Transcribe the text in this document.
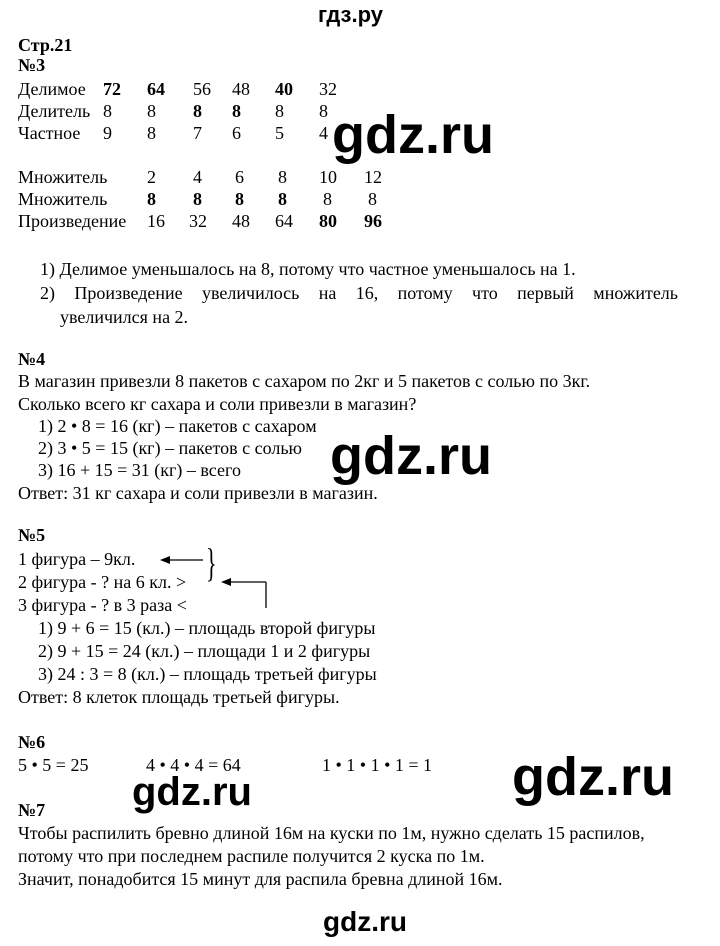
гдз.ру
Стр.21
№3
Делимое 72 64 56 48 40 32
Делитель 8 8 8 8 8 8
Частное 9 8 7 6 5 4
Множитель 2 4 6 8 10 12
Множитель 8 8 8 8 8 8
Произведение 16 32 48 64 80 96
1) Делимое уменьшалось на 8, потому что частное уменьшалось на 1.
2) Произведение увеличилось на 16, потому что первый множитель
увеличился на 2.
№4
В магазин привезли 8 пакетов с сахаром по 2кг и 5 пакетов с солью по 3кг.
Сколько всего кг сахара и соли привезли в магазин?
1) 2 • 8 = 16 (кг) – пакетов с сахаром
2) 3 • 5 = 15 (кг) – пакетов с солью
3) 16 + 15 = 31 (кг) – всего
Ответ: 31 кг сахара и соли привезли в магазин.
№5
1 фигура – 9кл.
2 фигура - ? на 6 кл. >
3 фигура - ? в 3 раза <
}
1) 9 + 6 = 15 (кл.) – площадь второй фигуры
2) 9 + 15 = 24 (кл.) – площади 1 и 2 фигуры
3) 24 : 3 = 8 (кл.) – площадь третьей фигуры
Ответ: 8 клеток площадь третьей фигуры.
№6
5 • 5 = 25	4 • 4 • 4 = 64	1 • 1 • 1 • 1 = 1
№7
Чтобы распилить бревно длиной 16м на куски по 1м, нужно сделать 15 распилов,
потому что при последнем распиле получится 2 куска по 1м.
Значит, понадобится 15 минут для распила бревна длиной 16м.
gdz.ru
gdz.ru
gdz.ru
gdz.ru
gdz.ru
